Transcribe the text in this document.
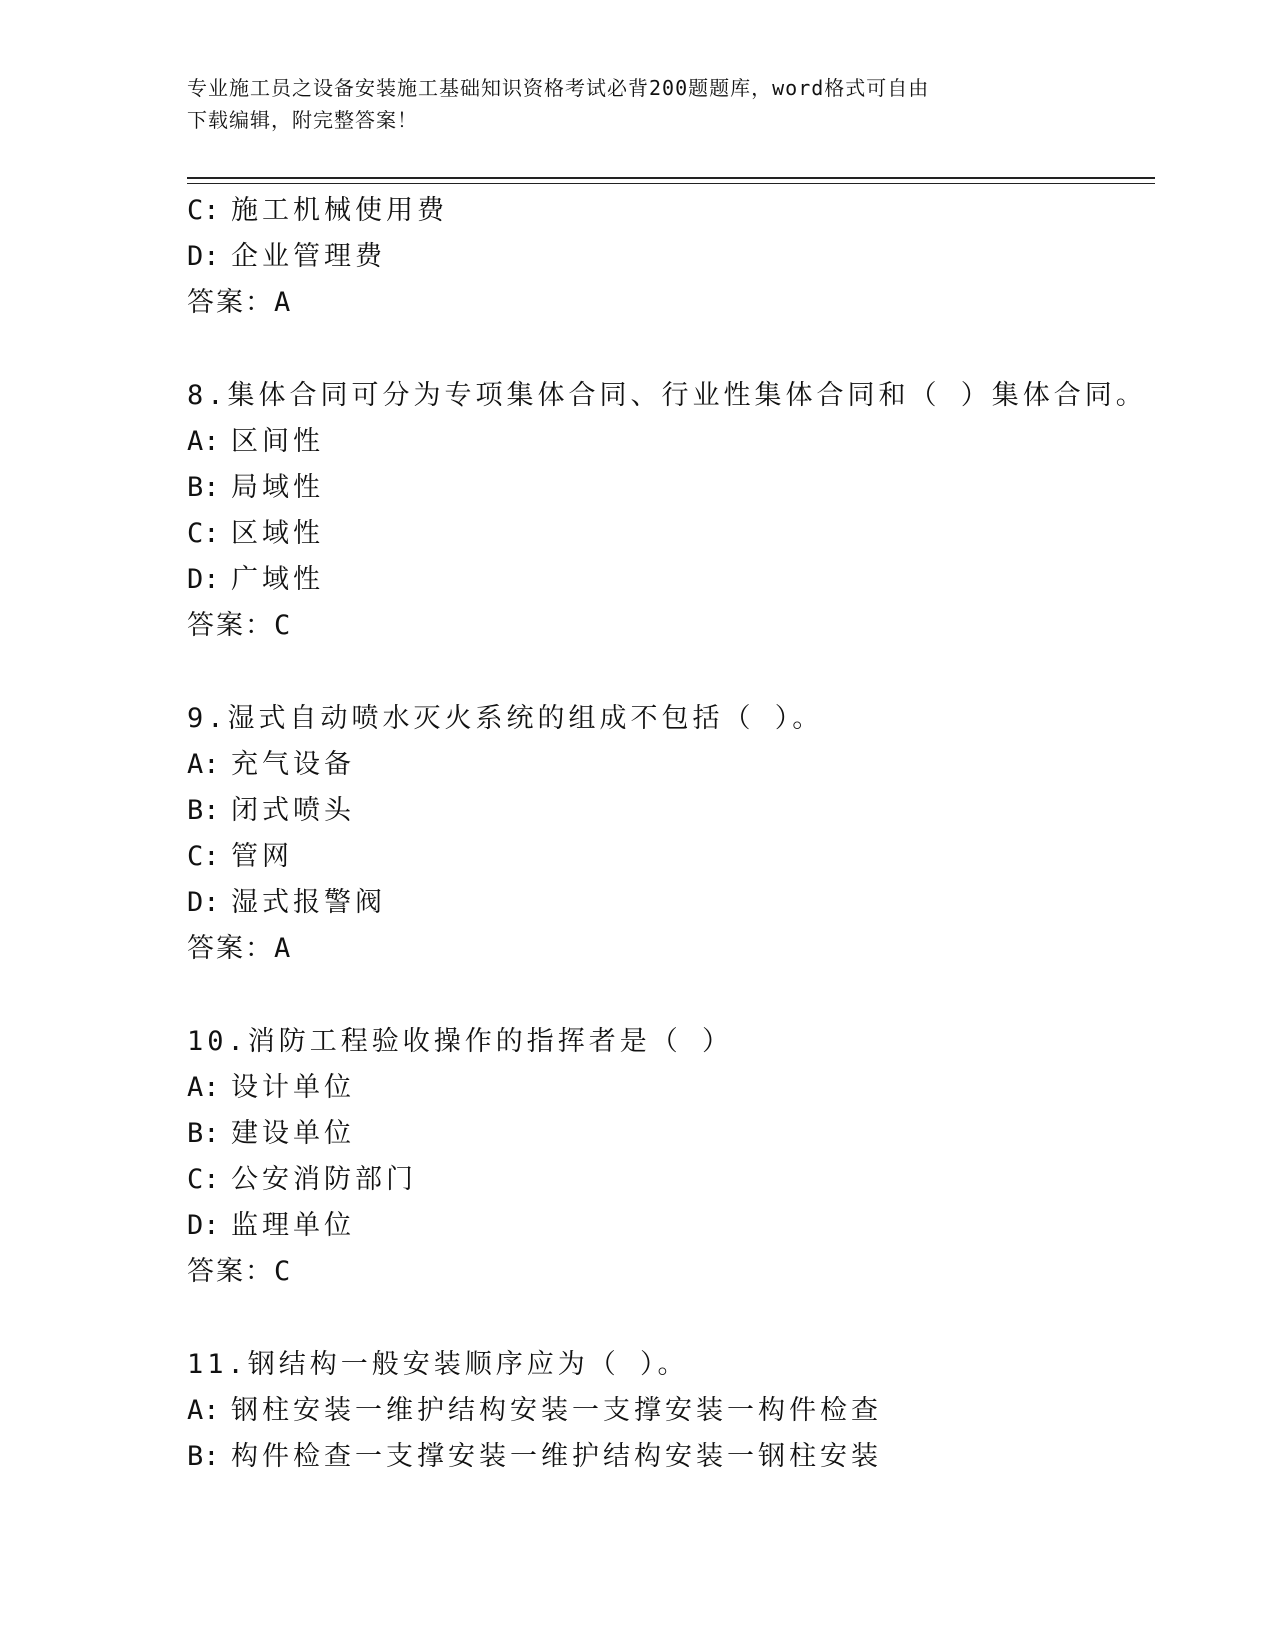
专业施工员之设备安装施工基础知识资格考试必背200题题库，word格式可自由
下载编辑，附完整答案！
C: 施工机械使用费
D: 企业管理费
答案：A
8.集体合同可分为专项集体合同、行业性集体合同和（ ）集体合同。
A: 区间性
B: 局域性
C: 区域性
D: 广域性
答案：C
9.湿式自动喷水灭火系统的组成不包括（ ）。
A: 充气设备
B: 闭式喷头
C: 管网
D: 湿式报警阀
答案：A
10.消防工程验收操作的指挥者是（ ）
A: 设计单位
B: 建设单位
C: 公安消防部门
D: 监理单位
答案：C
11.钢结构一般安装顺序应为（ ）。
A: 钢柱安装一维护结构安装一支撑安装一构件检查
B: 构件检查一支撑安装一维护结构安装一钢柱安装
